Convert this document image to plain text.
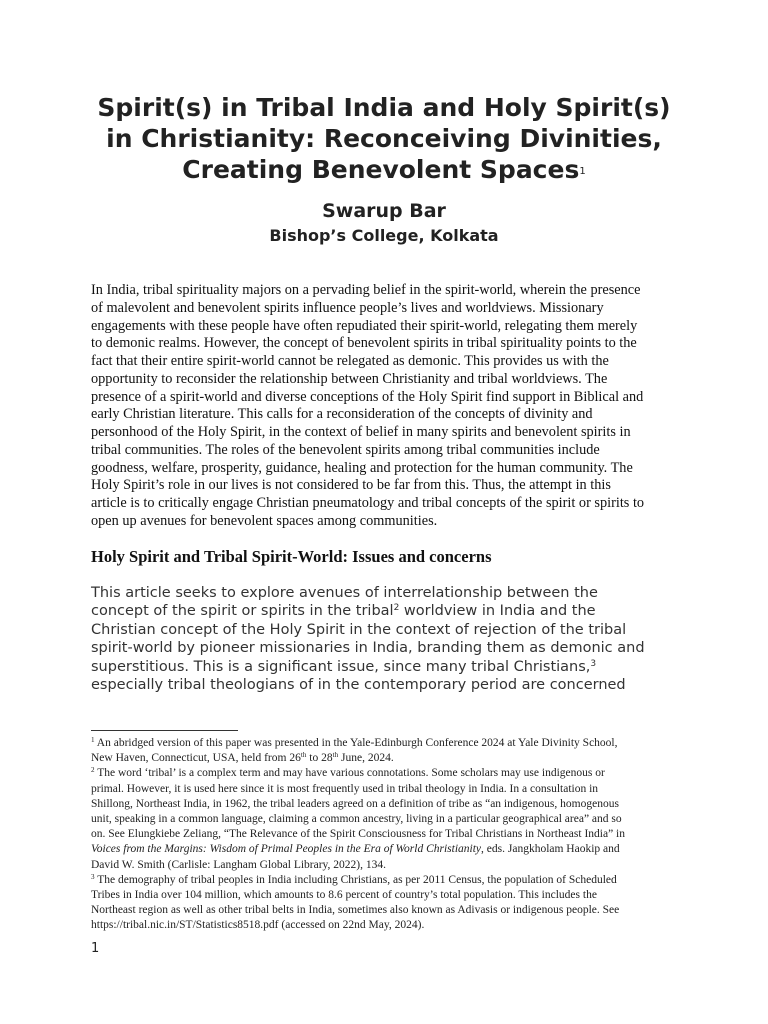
Spirit(s) in Tribal India and Holy Spirit(s)
in Christianity: Reconceiving Divinities,
Creating Benevolent Spaces$^1$

Swarup Bar

Bishop’s College, Kolkata

In India, tribal spirituality majors on a pervading belief in the spirit-world, wherein the presence
of malevolent and benevolent spirits influence people’s lives and worldviews. Missionary
engagements with these people have often repudiated their spirit-world, relegating them merely
to demonic realms. However, the concept of benevolent spirits in tribal spirituality points to the
fact that their entire spirit-world cannot be relegated as demonic. This provides us with the
opportunity to reconsider the relationship between Christianity and tribal worldviews. The
presence of a spirit-world and diverse conceptions of the Holy Spirit find support in Biblical and
early Christian literature. This calls for a reconsideration of the concepts of divinity and
personhood of the Holy Spirit, in the context of belief in many spirits and benevolent spirits in
tribal communities. The roles of the benevolent spirits among tribal communities include
goodness, welfare, prosperity, guidance, healing and protection for the human community. The
Holy Spirit’s role in our lives is not considered to be far from this. Thus, the attempt in this
article is to critically engage Christian pneumatology and tribal concepts of the spirit or spirits to
open up avenues for benevolent spaces among communities.
Holy Spirit and Tribal Spirit-World: Issues and concerns
This article seeks to explore avenues of interrelationship between the
concept of the spirit or spirits in the tribal$^2$ worldview in India and the
Christian concept of the Holy Spirit in the context of rejection of the tribal
spirit-world by pioneer missionaries in India, branding them as demonic and
superstitious. This is a significant issue, since many tribal Christians,$^3$
especially tribal theologians of in the contemporary period are concerned
$^1$ An abridged version of this paper was presented in the Yale-Edinburgh Conference 2024 at Yale Divinity School,
New Haven, Connecticut, USA, held from 26th to 28th June, 2024.
$^2$ The word ‘tribal’ is a complex term and may have various connotations. Some scholars may use indigenous or
primal. However, it is used here since it is most frequently used in tribal theology in India. In a consultation in
Shillong, Northeast India, in 1962, the tribal leaders agreed on a definition of tribe as “an indigenous, homogenous
unit, speaking in a common language, claiming a common ancestry, living in a particular geographical area” and so
on. See Elungkiebe Zeliang, “The Relevance of the Spirit Consciousness for Tribal Christians in Northeast India” in
Voices from the Margins: Wisdom of Primal Peoples in the Era of World Christianity, eds. Jangkholam Haokip and
David W. Smith (Carlisle: Langham Global Library, 2022), 134.
$^3$ The demography of tribal peoples in India including Christians, as per 2011 Census, the population of Scheduled
Tribes in India over 104 million, which amounts to 8.6 percent of country’s total population. This includes the
Northeast region as well as other tribal belts in India, sometimes also known as Adivasis or indigenous people. See
https://tribal.nic.in/ST/Statistics8518.pdf (accessed on 22nd May, 2024).
1
